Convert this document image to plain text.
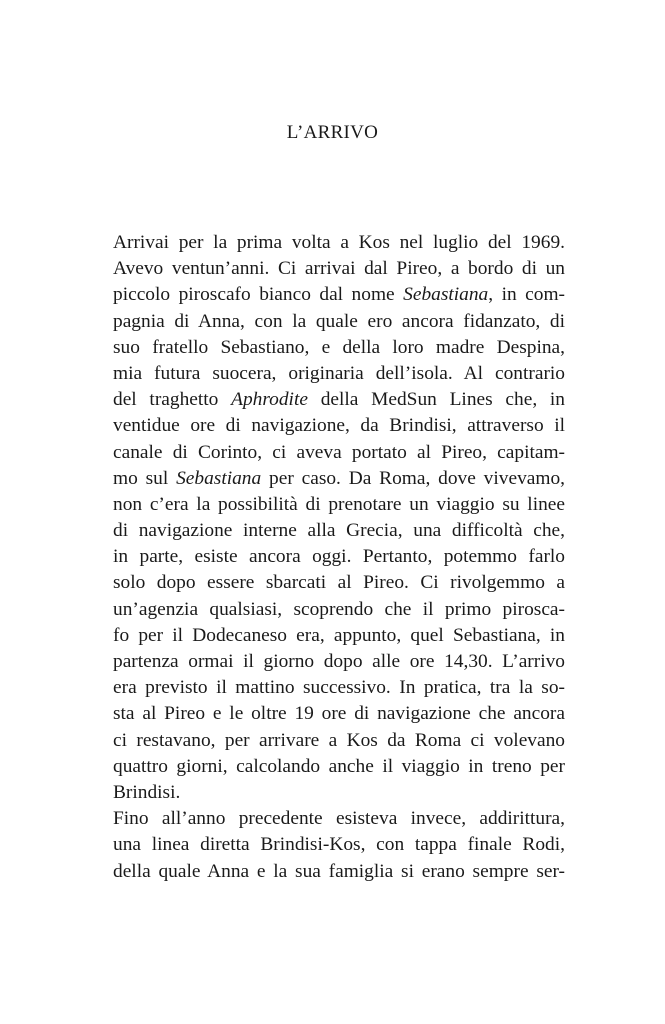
L’ARRIVO
Arrivai per la prima volta a Kos nel luglio del 1969.
Avevo ventun’anni. Ci arrivai dal Pireo, a bordo di un
piccolo piroscafo bianco dal nome Sebastiana, in com-
pagnia di Anna, con la quale ero ancora fidanzato, di
suo fratello Sebastiano, e della loro madre Despina,
mia futura suocera, originaria dell’isola. Al contrario
del traghetto Aphrodite della MedSun Lines che, in
ventidue ore di navigazione, da Brindisi, attraverso il
canale di Corinto, ci aveva portato al Pireo, capitam-
mo sul Sebastiana per caso. Da Roma, dove vivevamo,
non c’era la possibilità di prenotare un viaggio su linee
di navigazione interne alla Grecia, una difficoltà che,
in parte, esiste ancora oggi. Pertanto, potemmo farlo
solo dopo essere sbarcati al Pireo. Ci rivolgemmo a
un’agenzia qualsiasi, scoprendo che il primo pirosca-
fo per il Dodecaneso era, appunto, quel Sebastiana, in
partenza ormai il giorno dopo alle ore 14,30. L’arrivo
era previsto il mattino successivo. In pratica, tra la so-
sta al Pireo e le oltre 19 ore di navigazione che ancora
ci restavano, per arrivare a Kos da Roma ci volevano
quattro giorni, calcolando anche il viaggio in treno per
Brindisi.
Fino all’anno precedente esisteva invece, addirittura,
una linea diretta Brindisi-Kos, con tappa finale Rodi,
della quale Anna e la sua famiglia si erano sempre ser-
